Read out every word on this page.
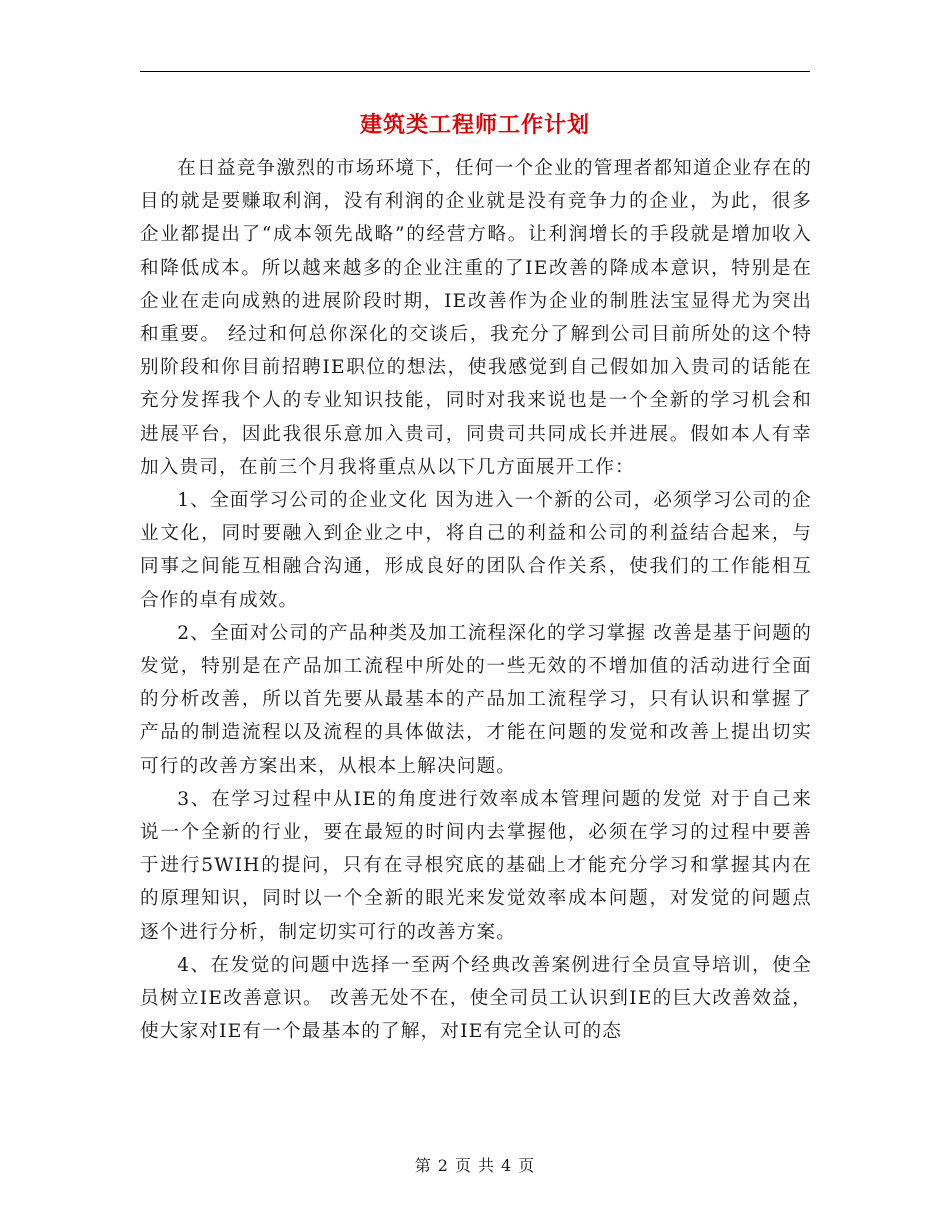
建筑类工程师工作计划

在日益竞争激烈的市场环境下，任何一个企业的管理者都知道企业存在的目的就是要赚取利润，没有利润的企业就是没有竞争力的企业，为此，很多企业都提出了“成本领先战略”的经营方略。让利润增长的手段就是增加收入和降低成本。所以越来越多的企业注重的了IE改善的降成本意识，特别是在企业在走向成熟的进展阶段时期，IE改善作为企业的制胜法宝显得尤为突出和重要。 经过和何总你深化的交谈后，我充分了解到公司目前所处的这个特别阶段和你目前招聘IE职位的想法，使我感觉到自己假如加入贵司的话能在充分发挥我个人的专业知识技能，同时对我来说也是一个全新的学习机会和进展平台，因此我很乐意加入贵司，同贵司共同成长并进展。假如本人有幸加入贵司，在前三个月我将重点从以下几方面展开工作：

1、全面学习公司的企业文化 因为进入一个新的公司，必须学习公司的企业文化，同时要融入到企业之中，将自己的利益和公司的利益结合起来，与同事之间能互相融合沟通，形成良好的团队合作关系，使我们的工作能相互合作的卓有成效。

2、全面对公司的产品种类及加工流程深化的学习掌握 改善是基于问题的发觉，特别是在产品加工流程中所处的一些无效的不增加值的活动进行全面的分析改善，所以首先要从最基本的产品加工流程学习，只有认识和掌握了产品的制造流程以及流程的具体做法，才能在问题的发觉和改善上提出切实可行的改善方案出来，从根本上解决问题。

3、在学习过程中从IE的角度进行效率成本管理问题的发觉 对于自己来说一个全新的行业，要在最短的时间内去掌握他，必须在学习的过程中要善于进行5WIH的提问，只有在寻根究底的基础上才能充分学习和掌握其内在的原理知识，同时以一个全新的眼光来发觉效率成本问题，对发觉的问题点逐个进行分析，制定切实可行的改善方案。

4、在发觉的问题中选择一至两个经典改善案例进行全员宣导培训，使全员树立IE改善意识。 改善无处不在，使全司员工认识到IE的巨大改善效益，使大家对IE有一个最基本的了解，对IE有完全认可的态

第 2 页 共 4 页
